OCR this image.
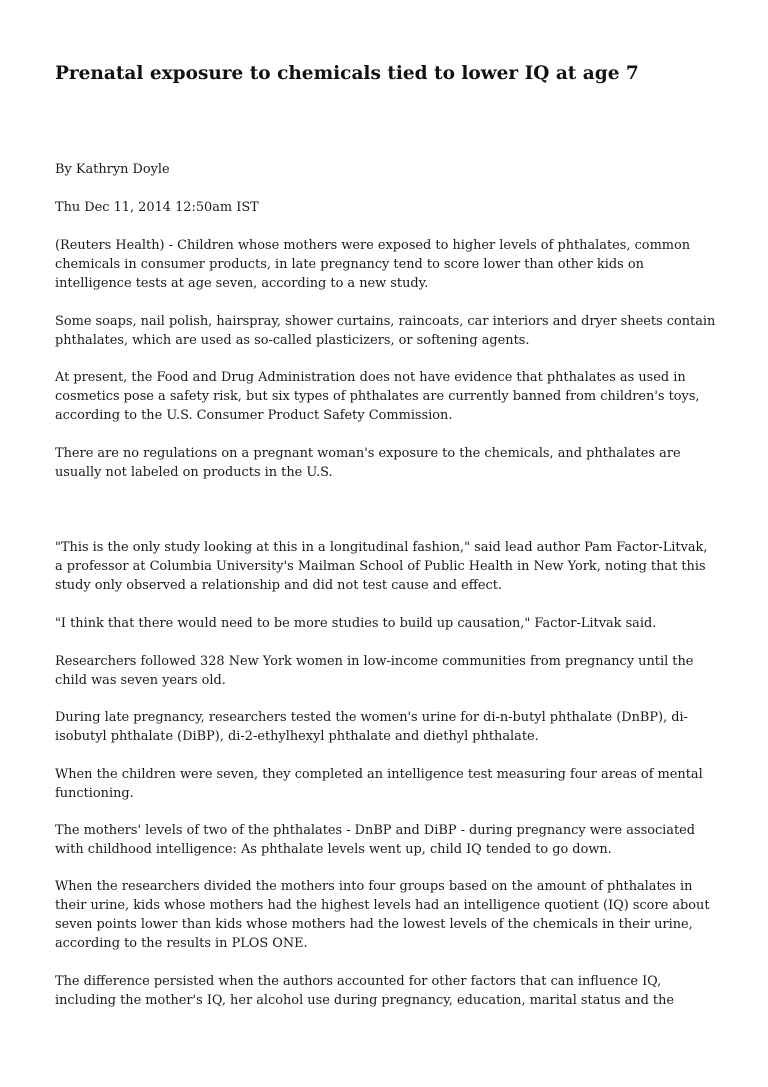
Prenatal exposure to chemicals tied to lower IQ at age 7

By Kathryn Doyle

Thu Dec 11, 2014 12:50am IST

(Reuters Health) - Children whose mothers were exposed to higher levels of phthalates, common
chemicals in consumer products, in late pregnancy tend to score lower than other kids on
intelligence tests at age seven, according to a new study.

Some soaps, nail polish, hairspray, shower curtains, raincoats, car interiors and dryer sheets contain
phthalates, which are used as so-called plasticizers, or softening agents.

At present, the Food and Drug Administration does not have evidence that phthalates as used in
cosmetics pose a safety risk, but six types of phthalates are currently banned from children's toys,
according to the U.S. Consumer Product Safety Commission.

There are no regulations on a pregnant woman's exposure to the chemicals, and phthalates are
usually not labeled on products in the U.S.

"This is the only study looking at this in a longitudinal fashion," said lead author Pam Factor-Litvak,
a professor at Columbia University's Mailman School of Public Health in New York, noting that this
study only observed a relationship and did not test cause and effect.

"I think that there would need to be more studies to build up causation," Factor-Litvak said.

Researchers followed 328 New York women in low-income communities from pregnancy until the
child was seven years old.

During late pregnancy, researchers tested the women's urine for di-n-butyl phthalate (DnBP), di-
isobutyl phthalate (DiBP), di-2-ethylhexyl phthalate and diethyl phthalate.

When the children were seven, they completed an intelligence test measuring four areas of mental
functioning.

The mothers' levels of two of the phthalates - DnBP and DiBP - during pregnancy were associated
with childhood intelligence: As phthalate levels went up, child IQ tended to go down.

When the researchers divided the mothers into four groups based on the amount of phthalates in
their urine, kids whose mothers had the highest levels had an intelligence quotient (IQ) score about
seven points lower than kids whose mothers had the lowest levels of the chemicals in their urine,
according to the results in PLOS ONE.

The difference persisted when the authors accounted for other factors that can influence IQ,
including the mother's IQ, her alcohol use during pregnancy, education, marital status and the
